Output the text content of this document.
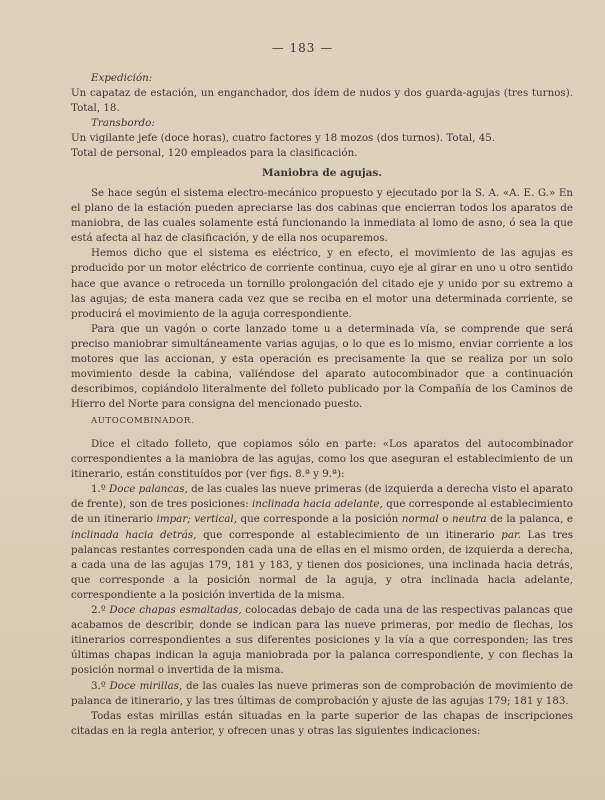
— 183 —

Expedición:

Un capataz de estación, un enganchador, dos ídem de nudos y dos guarda-agujas (tres turnos). Total, 18.

Transbordo:

Un vigilante jefe (doce horas), cuatro factores y 18 mozos (dos turnos). Total, 45.

Total de personal, 120 empleados para la clasificación.

Maniobra de agujas.

Se hace según el sistema electro-mecánico propuesto y ejecutado por la S. A. «A. E. G.» En el plano de la estación pueden apreciarse las dos cabinas que encierran todos los aparatos de maniobra, de las cuales solamente está funcionando la inmediata al lomo de asno, ó sea la que está afecta al haz de clasificación, y de ella nos ocuparemos.

Hemos dicho que el sistema es eléctrico, y en efecto, el movimiento de las agujas es producido por un motor eléctrico de corriente continua, cuyo eje al girar en uno u otro sentido hace que avance o retroceda un tornillo prolongación del citado eje y unido por su extremo a las agujas; de esta manera cada vez que se reciba en el motor una determinada corriente, se producirá el movimiento de la aguja correspondiente.

Para que un vagón o corte lanzado tome u a determinada vía, se comprende que será preciso maniobrar simultáneamente varias agujas, o lo que es lo mismo, enviar corriente a los motores que las accionan, y esta operación es precisamente la que se realiza por un solo movimiento desde la cabina, valiéndose del aparato autocombinador que a continuación describimos, copiándolo literalmente del folleto publicado por la Compañía de los Caminos de Hierro del Norte para consigna del mencionado puesto.

AUTOCOMBINADOR.

Dice el citado folleto, que copiamos sólo en parte: «Los aparatos del autocombinador correspondientes a la maniobra de las agujas, como los que aseguran el establecimiento de un itinerario, están constituídos por (ver figs. 8.ª y 9.ª):

1.º Doce palancas, de las cuales las nueve primeras (de izquierda a derecha visto el aparato de frente), son de tres posiciones: inclinada hacia adelante, que corresponde al establecimiento de un itinerario impar; vertical, que corresponde a la posición normal o neutra de la palanca, e inclinada hacia detrás, que corresponde al establecimiento de un itinerario par. Las tres palancas restantes corresponden cada una de ellas en el mismo orden, de izquierda a derecha, a cada una de las agujas 179, 181 y 183, y tienen dos posiciones, una inclinada hacia detrás, que corresponde a la posición normal de la aguja, y otra inclinada hacia adelante, correspondiente a la posición invertida de la misma.

2.º Doce chapas esmaltadas, colocadas debajo de cada una de las respectivas palancas que acabamos de describir, donde se indican para las nueve primeras, por medio de flechas, los itinerarios correspondientes a sus diferentes posiciones y la vía a que corresponden; las tres últimas chapas indican la aguja maniobrada por la palanca correspondiente, y con flechas la posición normal o invertida de la misma.

3.º Doce mirillas, de las cuales las nueve primeras son de comprobación de movimiento de palanca de itinerario, y las tres últimas de comprobación y ajuste de las agujas 179; 181 y 183.

Todas estas mirillas están situadas en la parte superior de las chapas de inscripciones citadas en la regla anterior, y ofrecen unas y otras las siguientes indicaciones:
